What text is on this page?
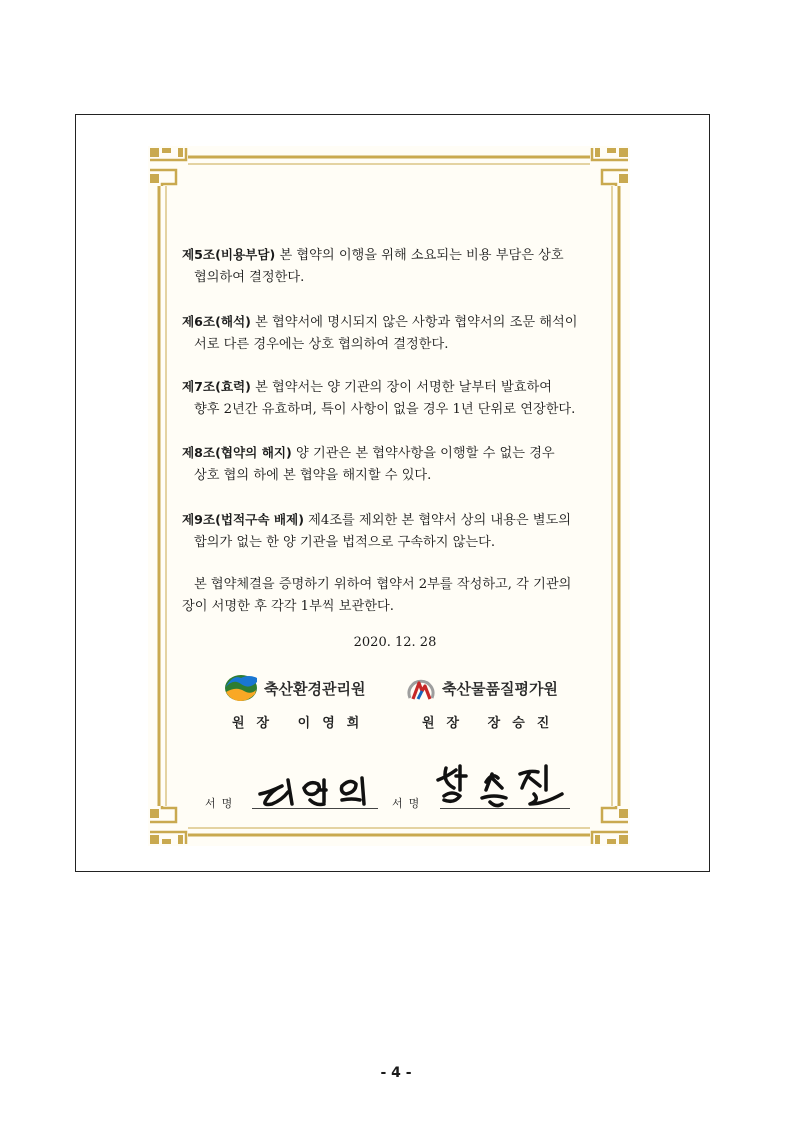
제5조(비용부담) 본 협약의 이행을 위해 소요되는 비용 부담은 상호
협의하여 결정한다.
제6조(해석) 본 협약서에 명시되지 않은 사항과 협약서의 조문 해석이
서로 다른 경우에는 상호 협의하여 결정한다.
제7조(효력) 본 협약서는 양 기관의 장이 서명한 날부터 발효하여
향후 2년간 유효하며, 특이 사항이 없을 경우 1년 단위로 연장한다.
제8조(협약의 해지) 양 기관은 본 협약사항을 이행할 수 없는 경우
상호 협의 하에 본 협약을 해지할 수 있다.
제9조(법적구속 배제) 제4조를 제외한 본 협약서 상의 내용은 별도의
합의가 없는 한 양 기관을 법적으로 구속하지 않는다.
본 협약체결을 증명하기 위하여 협약서 2부를 작성하고, 각 기관의
장이 서명한 후 각각 1부씩 보관한다.
2020. 12. 28
축산환경관리원
원장 이영희
축산물품질평가원
원장 장승진
서명	서명
- 4 -
